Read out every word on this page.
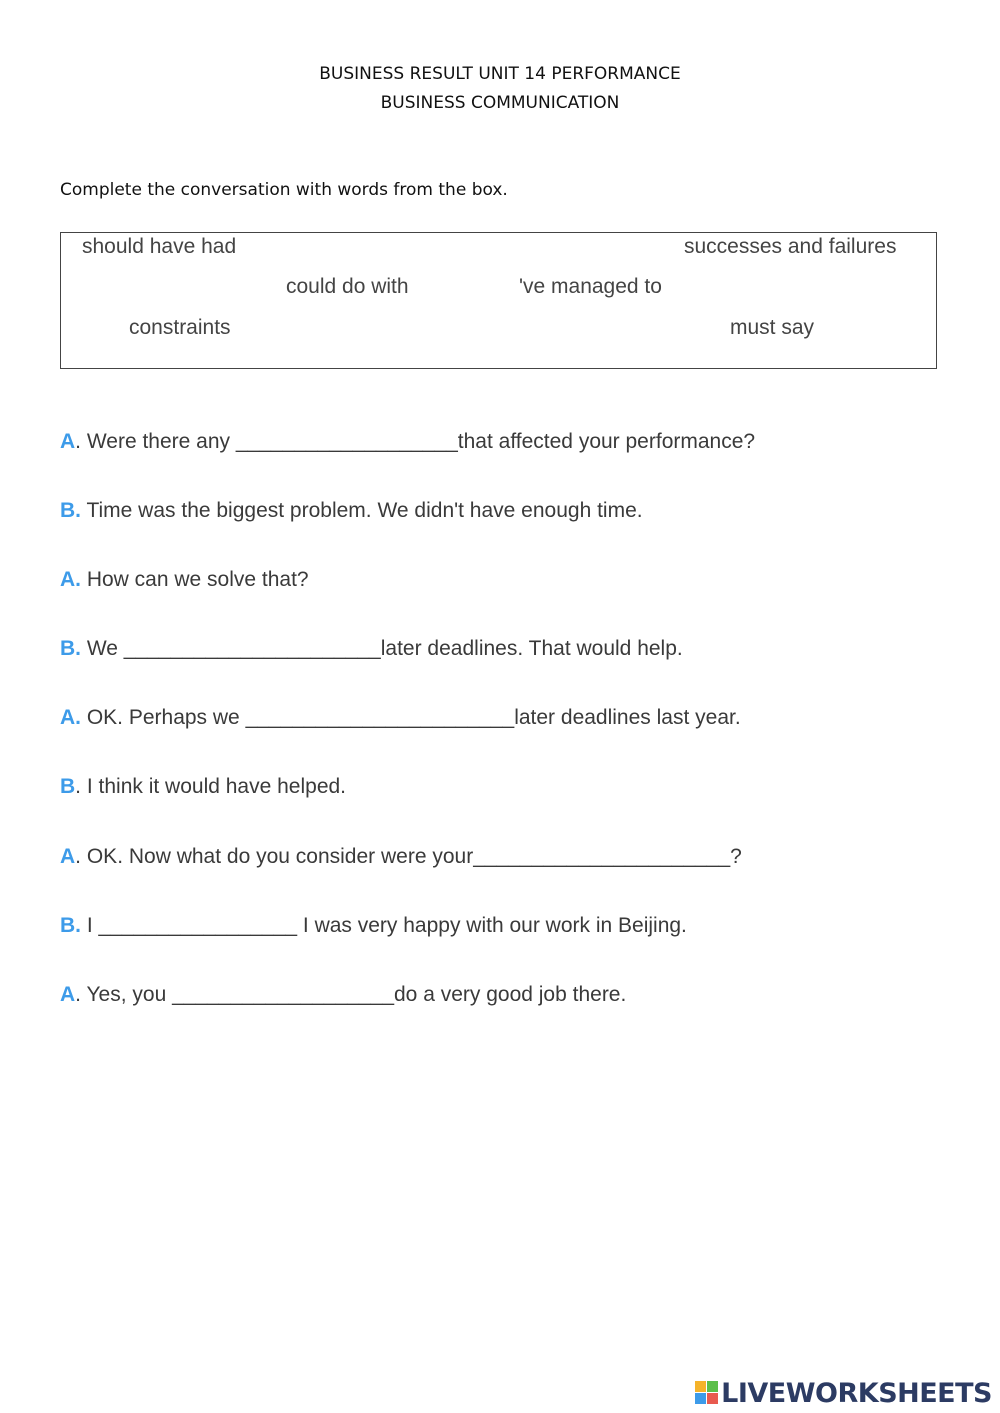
BUSINESS RESULT UNIT 14 PERFORMANCE
BUSINESS COMMUNICATION
Complete the conversation with words from the box.
should have had	successes and failures
could do with	've managed to
constraints	must say
A. Were there any ___________________that affected your performance?
B. Time was the biggest problem. We didn't have enough time.
A. How can we solve that?
B. We ______________________later deadlines. That would help.
A. OK. Perhaps we _______________________later deadlines last year.
B. I think it would have helped.
A. OK. Now what do you consider were your______________________?
B. I _________________ I was very happy with our work in Beijing.
A. Yes, you ___________________do a very good job there.
LIVEWORKSHEETS
